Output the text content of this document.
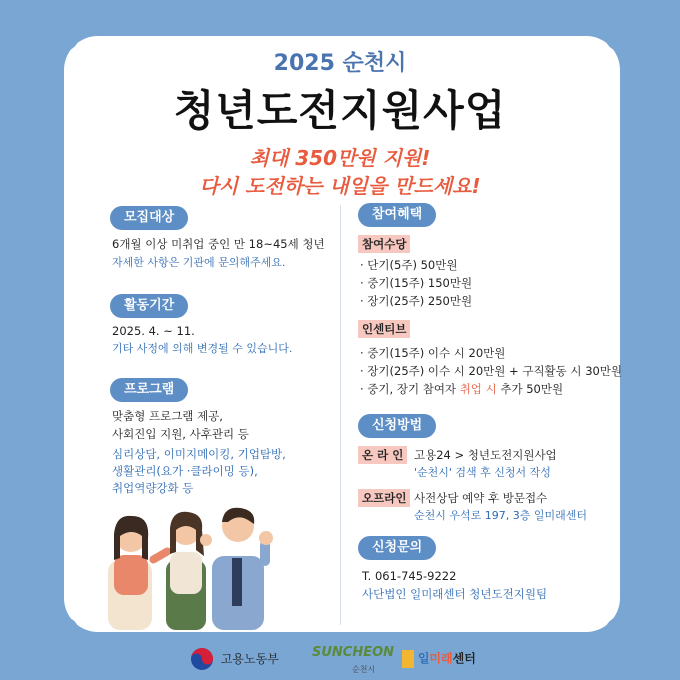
2025 순천시
청년도전지원사업
최대 350만원 지원!
다시 도전하는 내일을 만드세요!
모집대상
6개월 이상 미취업 중인 만 18~45세 청년
자세한 사항은 기관에 문의해주세요.
활동기간
2025. 4. ~ 11.
기타 사정에 의해 변경될 수 있습니다.
프로그램
맞춤형 프로그램 제공,
사회진입 지원, 사후관리 등
심리상담, 이미지메이킹, 기업탐방,
생활관리(요가 ·클라이밍 등),
취업역량강화 등
참여혜택
참여수당
· 단기(5주) 50만원
· 중기(15주) 150만원
· 장기(25주) 250만원
인센티브
· 중기(15주) 이수 시 20만원
· 장기(25주) 이수 시 20만원 + 구직활동 시 30만원
· 중기, 장기 참여자 취업 시 추가 50만원
신청방법
온 라 인 고용24 > 청년도전지원사업
'순천시' 검색 후 신청서 작성
오프라인 사전상담 예약 후 방문접수
순천시 우석로 197, 3층 일미래센터
신청문의
T. 061-745-9222
사단법인 일미래센터 청년도전지원팀
고용노동부	SUNCHEON
순천시
일미래센터
